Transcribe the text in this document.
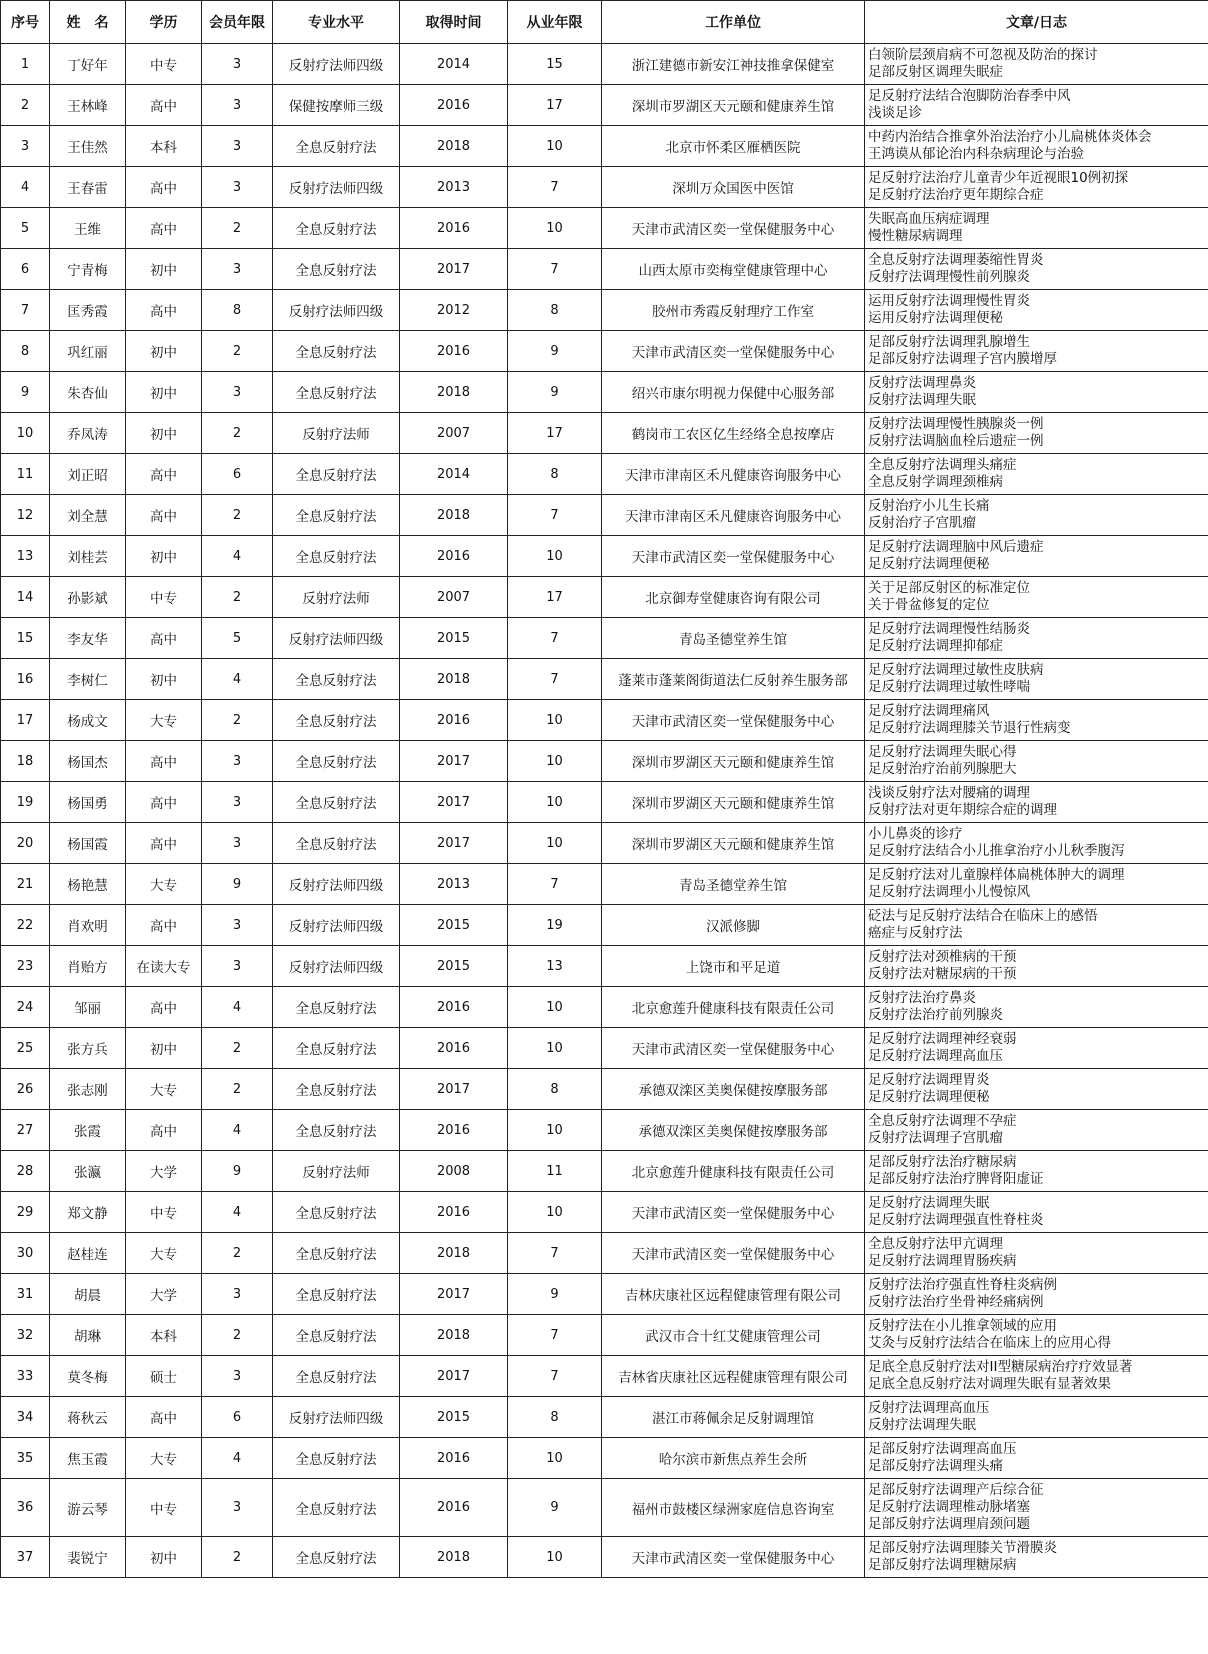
序号	姓　名	学历	会员年限	专业水平	取得时间	从业年限	工作单位	文章/日志
1	丁好年	中专	3	反射疗法师四级	2014	15	浙江建德市新安江神技推拿保健室	白领阶层颈肩病不可忽视及防治的探讨
足部反射区调理失眠症

2	王林峰	高中	3	保健按摩师三级	2016	17	深圳市罗湖区天元颐和健康养生馆	足反射疗法结合泡脚防治春季中风
浅谈足诊

3	王佳然	本科	3	全息反射疗法	2018	10	北京市怀柔区雁栖医院	中药内治结合推拿外治法治疗小儿扁桃体炎体会
王鸿谟从郁论治内科杂病理论与治验

4	王春雷	高中	3	反射疗法师四级	2013	7	深圳万众国医中医馆	足反射疗法治疗儿童青少年近视眼10例初探
足反射疗法治疗更年期综合症

5	王维	高中	2	全息反射疗法	2016	10	天津市武清区奕一堂保健服务中心	失眠高血压病症调理
慢性糖尿病调理

6	宁青梅	初中	3	全息反射疗法	2017	7	山西太原市奕梅堂健康管理中心	全息反射疗法调理萎缩性胃炎
反射疗法调理慢性前列腺炎

7	匡秀霞	高中	8	反射疗法师四级	2012	8	胶州市秀霞反射理疗工作室	运用反射疗法调理慢性胃炎
运用反射疗法调理便秘

8	巩红丽	初中	2	全息反射疗法	2016	9	天津市武清区奕一堂保健服务中心	足部反射疗法调理乳腺增生
足部反射疗法调理子宫内膜增厚

9	朱杏仙	初中	3	全息反射疗法	2018	9	绍兴市康尔明视力保健中心服务部	反射疗法调理鼻炎
反射疗法调理失眠

10	乔凤涛	初中	2	反射疗法师	2007	17	鹤岗市工农区亿生经络全息按摩店	反射疗法调理慢性胰腺炎一例
反射疗法调脑血栓后遗症一例

11	刘正昭	高中	6	全息反射疗法	2014	8	天津市津南区禾凡健康咨询服务中心	全息反射疗法调理头痛症
全息反射学调理颈椎病

12	刘全慧	高中	2	全息反射疗法	2018	7	天津市津南区禾凡健康咨询服务中心	反射治疗小儿生长痛
反射治疗子宫肌瘤

13	刘桂芸	初中	4	全息反射疗法	2016	10	天津市武清区奕一堂保健服务中心	足反射疗法调理脑中风后遗症
足反射疗法调理便秘

14	孙影斌	中专	2	反射疗法师	2007	17	北京御寿堂健康咨询有限公司	关于足部反射区的标准定位
关于骨盆修复的定位

15	李友华	高中	5	反射疗法师四级	2015	7	青岛圣德堂养生馆	足反射疗法调理慢性结肠炎
足反射疗法调理抑郁症

16	李树仁	初中	4	全息反射疗法	2018	7	蓬莱市蓬莱阁街道法仁反射养生服务部	足反射疗法调理过敏性皮肤病
足反射疗法调理过敏性哮喘

17	杨成文	大专	2	全息反射疗法	2016	10	天津市武清区奕一堂保健服务中心	足反射疗法调理痛风
足反射疗法调理膝关节退行性病变

18	杨国杰	高中	3	全息反射疗法	2017	10	深圳市罗湖区天元颐和健康养生馆	足反射疗法调理失眠心得
足反射治疗治前列腺肥大

19	杨国勇	高中	3	全息反射疗法	2017	10	深圳市罗湖区天元颐和健康养生馆	浅谈反射疗法对腰痛的调理
反射疗法对更年期综合症的调理

20	杨国霞	高中	3	全息反射疗法	2017	10	深圳市罗湖区天元颐和健康养生馆	小儿鼻炎的诊疗
足反射疗法结合小儿推拿治疗小儿秋季腹泻

21	杨艳慧	大专	9	反射疗法师四级	2013	7	青岛圣德堂养生馆	足反射疗法对儿童腺样体扁桃体肿大的调理
足反射疗法调理小儿慢惊风

22	肖欢明	高中	3	反射疗法师四级	2015	19	汉派修脚	砭法与足反射疗法结合在临床上的感悟
癌症与反射疗法

23	肖贻方	在读大专	3	反射疗法师四级	2015	13	上饶市和平足道	反射疗法对颈椎病的干预
反射疗法对糖尿病的干预

24	邹丽	高中	4	全息反射疗法	2016	10	北京愈莲升健康科技有限责任公司	反射疗法治疗鼻炎
反射疗法治疗前列腺炎

25	张方兵	初中	2	全息反射疗法	2016	10	天津市武清区奕一堂保健服务中心	足反射疗法调理神经衰弱
足反射疗法调理高血压

26	张志刚	大专	2	全息反射疗法	2017	8	承德双滦区美奥保健按摩服务部	足反射疗法调理胃炎
足反射疗法调理便秘

27	张霞	高中	4	全息反射疗法	2016	10	承德双滦区美奥保健按摩服务部	全息反射疗法调理不孕症
反射疗法调理子宫肌瘤

28	张瀛	大学	9	反射疗法师	2008	11	北京愈莲升健康科技有限责任公司	足部反射疗法治疗糖尿病
足部反射疗法治疗脾肾阳虚证

29	郑文静	中专	4	全息反射疗法	2016	10	天津市武清区奕一堂保健服务中心	足反射疗法调理失眠
足反射疗法调理强直性脊柱炎

30	赵桂连	大专	2	全息反射疗法	2018	7	天津市武清区奕一堂保健服务中心	全息反射疗法甲亢调理
足反射疗法调理胃肠疾病

31	胡晨	大学	3	全息反射疗法	2017	9	吉林庆康社区远程健康管理有限公司	反射疗法治疗强直性脊柱炎病例
反射疗法治疗坐骨神经痛病例

32	胡琳	本科	2	全息反射疗法	2018	7	武汉市合十红艾健康管理公司	反射疗法在小儿推拿领域的应用
艾灸与反射疗法结合在临床上的应用心得

33	莫冬梅	硕士	3	全息反射疗法	2017	7	吉林省庆康社区远程健康管理有限公司	足底全息反射疗法对II型糖尿病治疗疗效显著
足底全息反射疗法对调理失眠有显著效果

34	蒋秋云	高中	6	反射疗法师四级	2015	8	湛江市蒋佩余足反射调理馆	反射疗法调理高血压
反射疗法调理失眠

35	焦玉霞	大专	4	全息反射疗法	2016	10	哈尔滨市新焦点养生会所	足部反射疗法调理高血压
足部反射疗法调理头痛

36	游云琴	中专	3	全息反射疗法	2016	9	福州市鼓楼区绿洲家庭信息咨询室	足部反射疗法调理产后综合征
足反射疗法调理椎动脉堵塞
足部反射疗法调理肩颈问题

37	裴锐宁	初中	2	全息反射疗法	2018	10	天津市武清区奕一堂保健服务中心	足部反射疗法调理膝关节滑膜炎
足部反射疗法调理糖尿病
